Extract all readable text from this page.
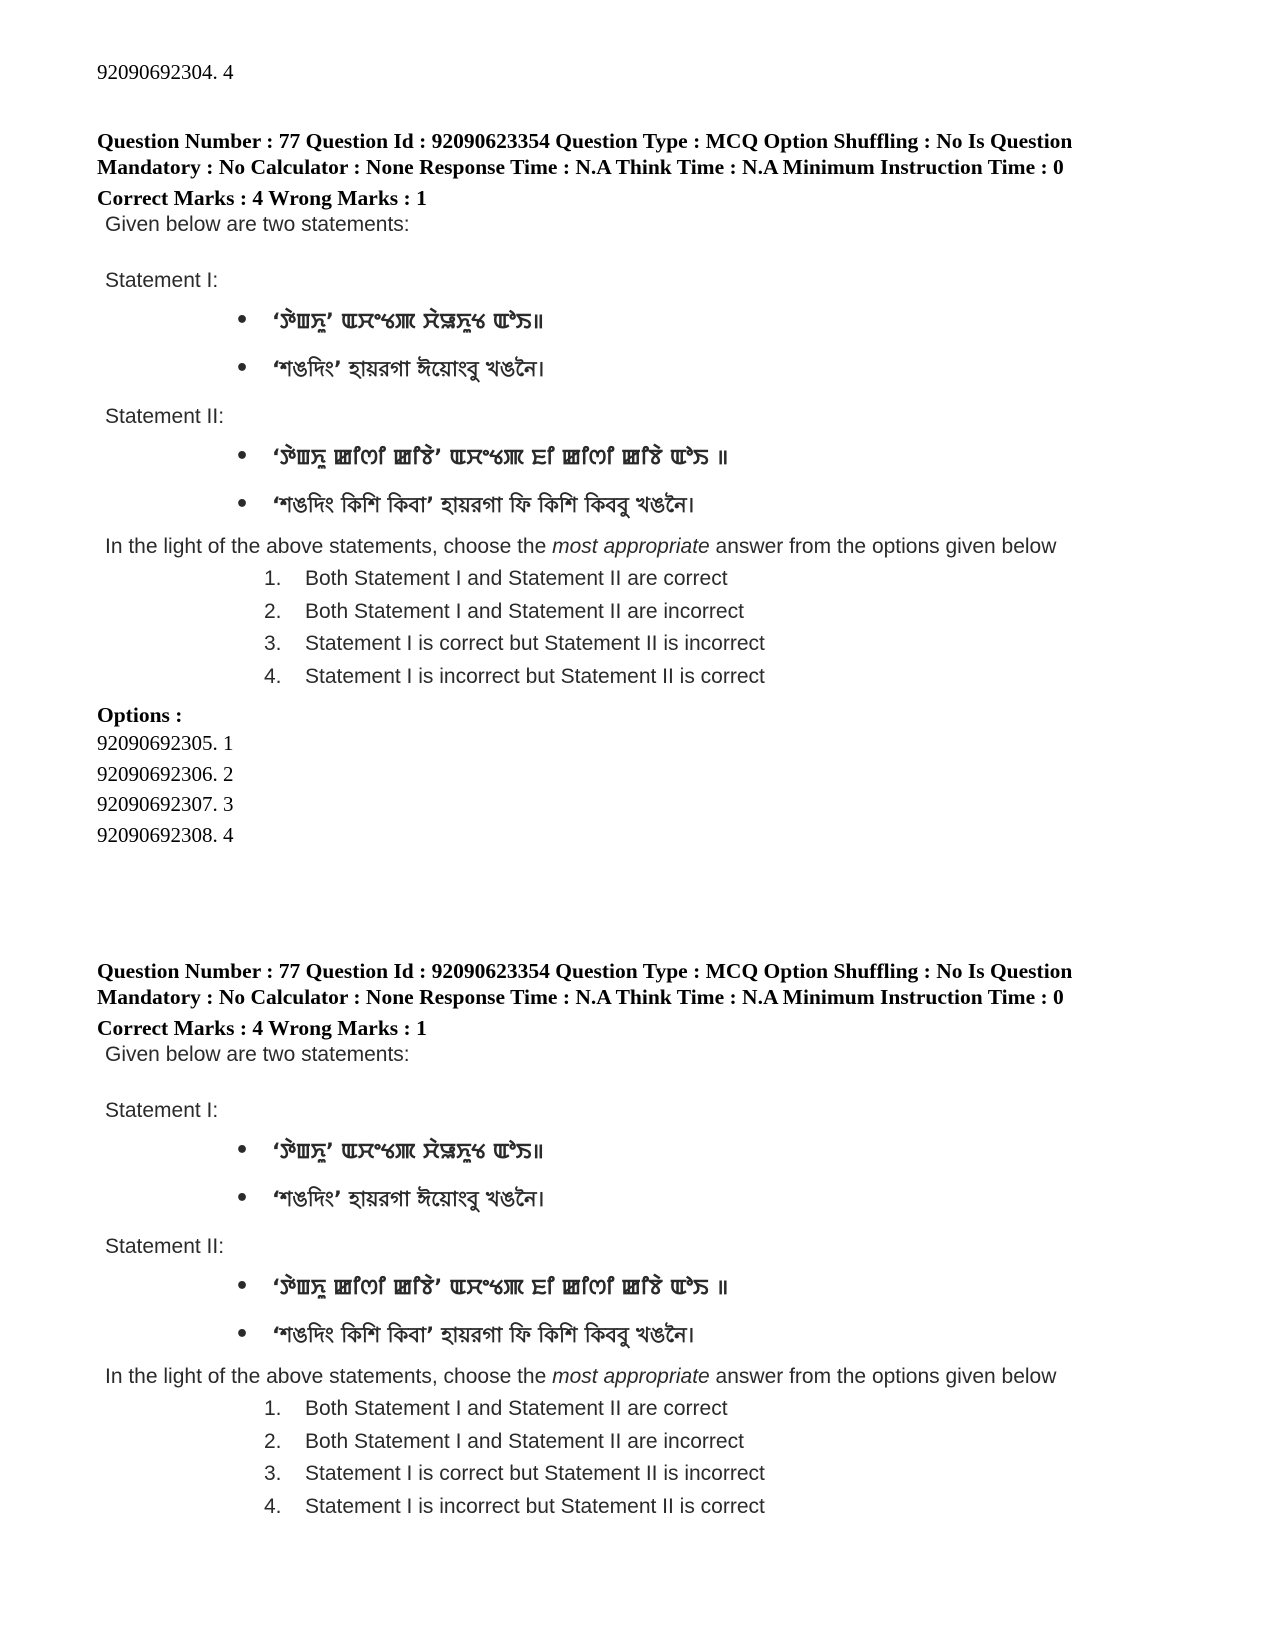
92090692304. 4
Question Number : 77 Question Id : 92090623354 Question Type : MCQ Option Shuffling : No Is Question
Mandatory : No Calculator : None Response Time : N.A Think Time : N.A Minimum Instruction Time : 0
Correct Marks : 4 Wrong Marks : 1
Given below are two statements:
Statement I:
• ‘ꯇꯥꯡꯈꯨ’ ꯑꯆꯦꯠꯄ ꯆꯥꯎꯈꯨꯠ ꯑꯣꯏ॥
• ‘শঙদিং’ হায়রগা ঈয়োংবু খঙনৈ।
Statement II:
• ‘ꯇꯥꯡꯈꯨ ꯀꯤꯁꯤ ꯀꯤꯕꯥ’ ꯑꯆꯦꯠꯄ ꯐꯤ ꯀꯤꯁꯤ ꯀꯤꯕꯥ ꯑꯣꯏ ॥
• ‘শঙদিং কিশি কিবা’ হায়রগা ফি কিশি কিববু খঙনৈ।
In the light of the above statements, choose the most appropriate answer from the options given below
1. Both Statement I and Statement II are correct
2. Both Statement I and Statement II are incorrect
3. Statement I is correct but Statement II is incorrect
4. Statement I is incorrect but Statement II is correct
Options :
92090692305. 1
92090692306. 2
92090692307. 3
92090692308. 4
Question Number : 77 Question Id : 92090623354 Question Type : MCQ Option Shuffling : No Is Question
Mandatory : No Calculator : None Response Time : N.A Think Time : N.A Minimum Instruction Time : 0
Correct Marks : 4 Wrong Marks : 1
Given below are two statements:
Statement I:
• ‘ꯇꯥꯡꯈꯨ’ ꯑꯆꯦꯠꯄ ꯆꯥꯎꯈꯨꯠ ꯑꯣꯏ॥
• ‘শঙদিং’ হায়রগা ঈয়োংবু খঙনৈ।
Statement II:
• ‘ꯇꯥꯡꯈꯨ ꯀꯤꯁꯤ ꯀꯤꯕꯥ’ ꯑꯆꯦꯠꯄ ꯐꯤ ꯀꯤꯁꯤ ꯀꯤꯕꯥ ꯑꯣꯏ ॥
• ‘শঙদিং কিশি কিবা’ হায়রগা ফি কিশি কিববু খঙনৈ।
In the light of the above statements, choose the most appropriate answer from the options given below
1. Both Statement I and Statement II are correct
2. Both Statement I and Statement II are incorrect
3. Statement I is correct but Statement II is incorrect
4. Statement I is incorrect but Statement II is correct
